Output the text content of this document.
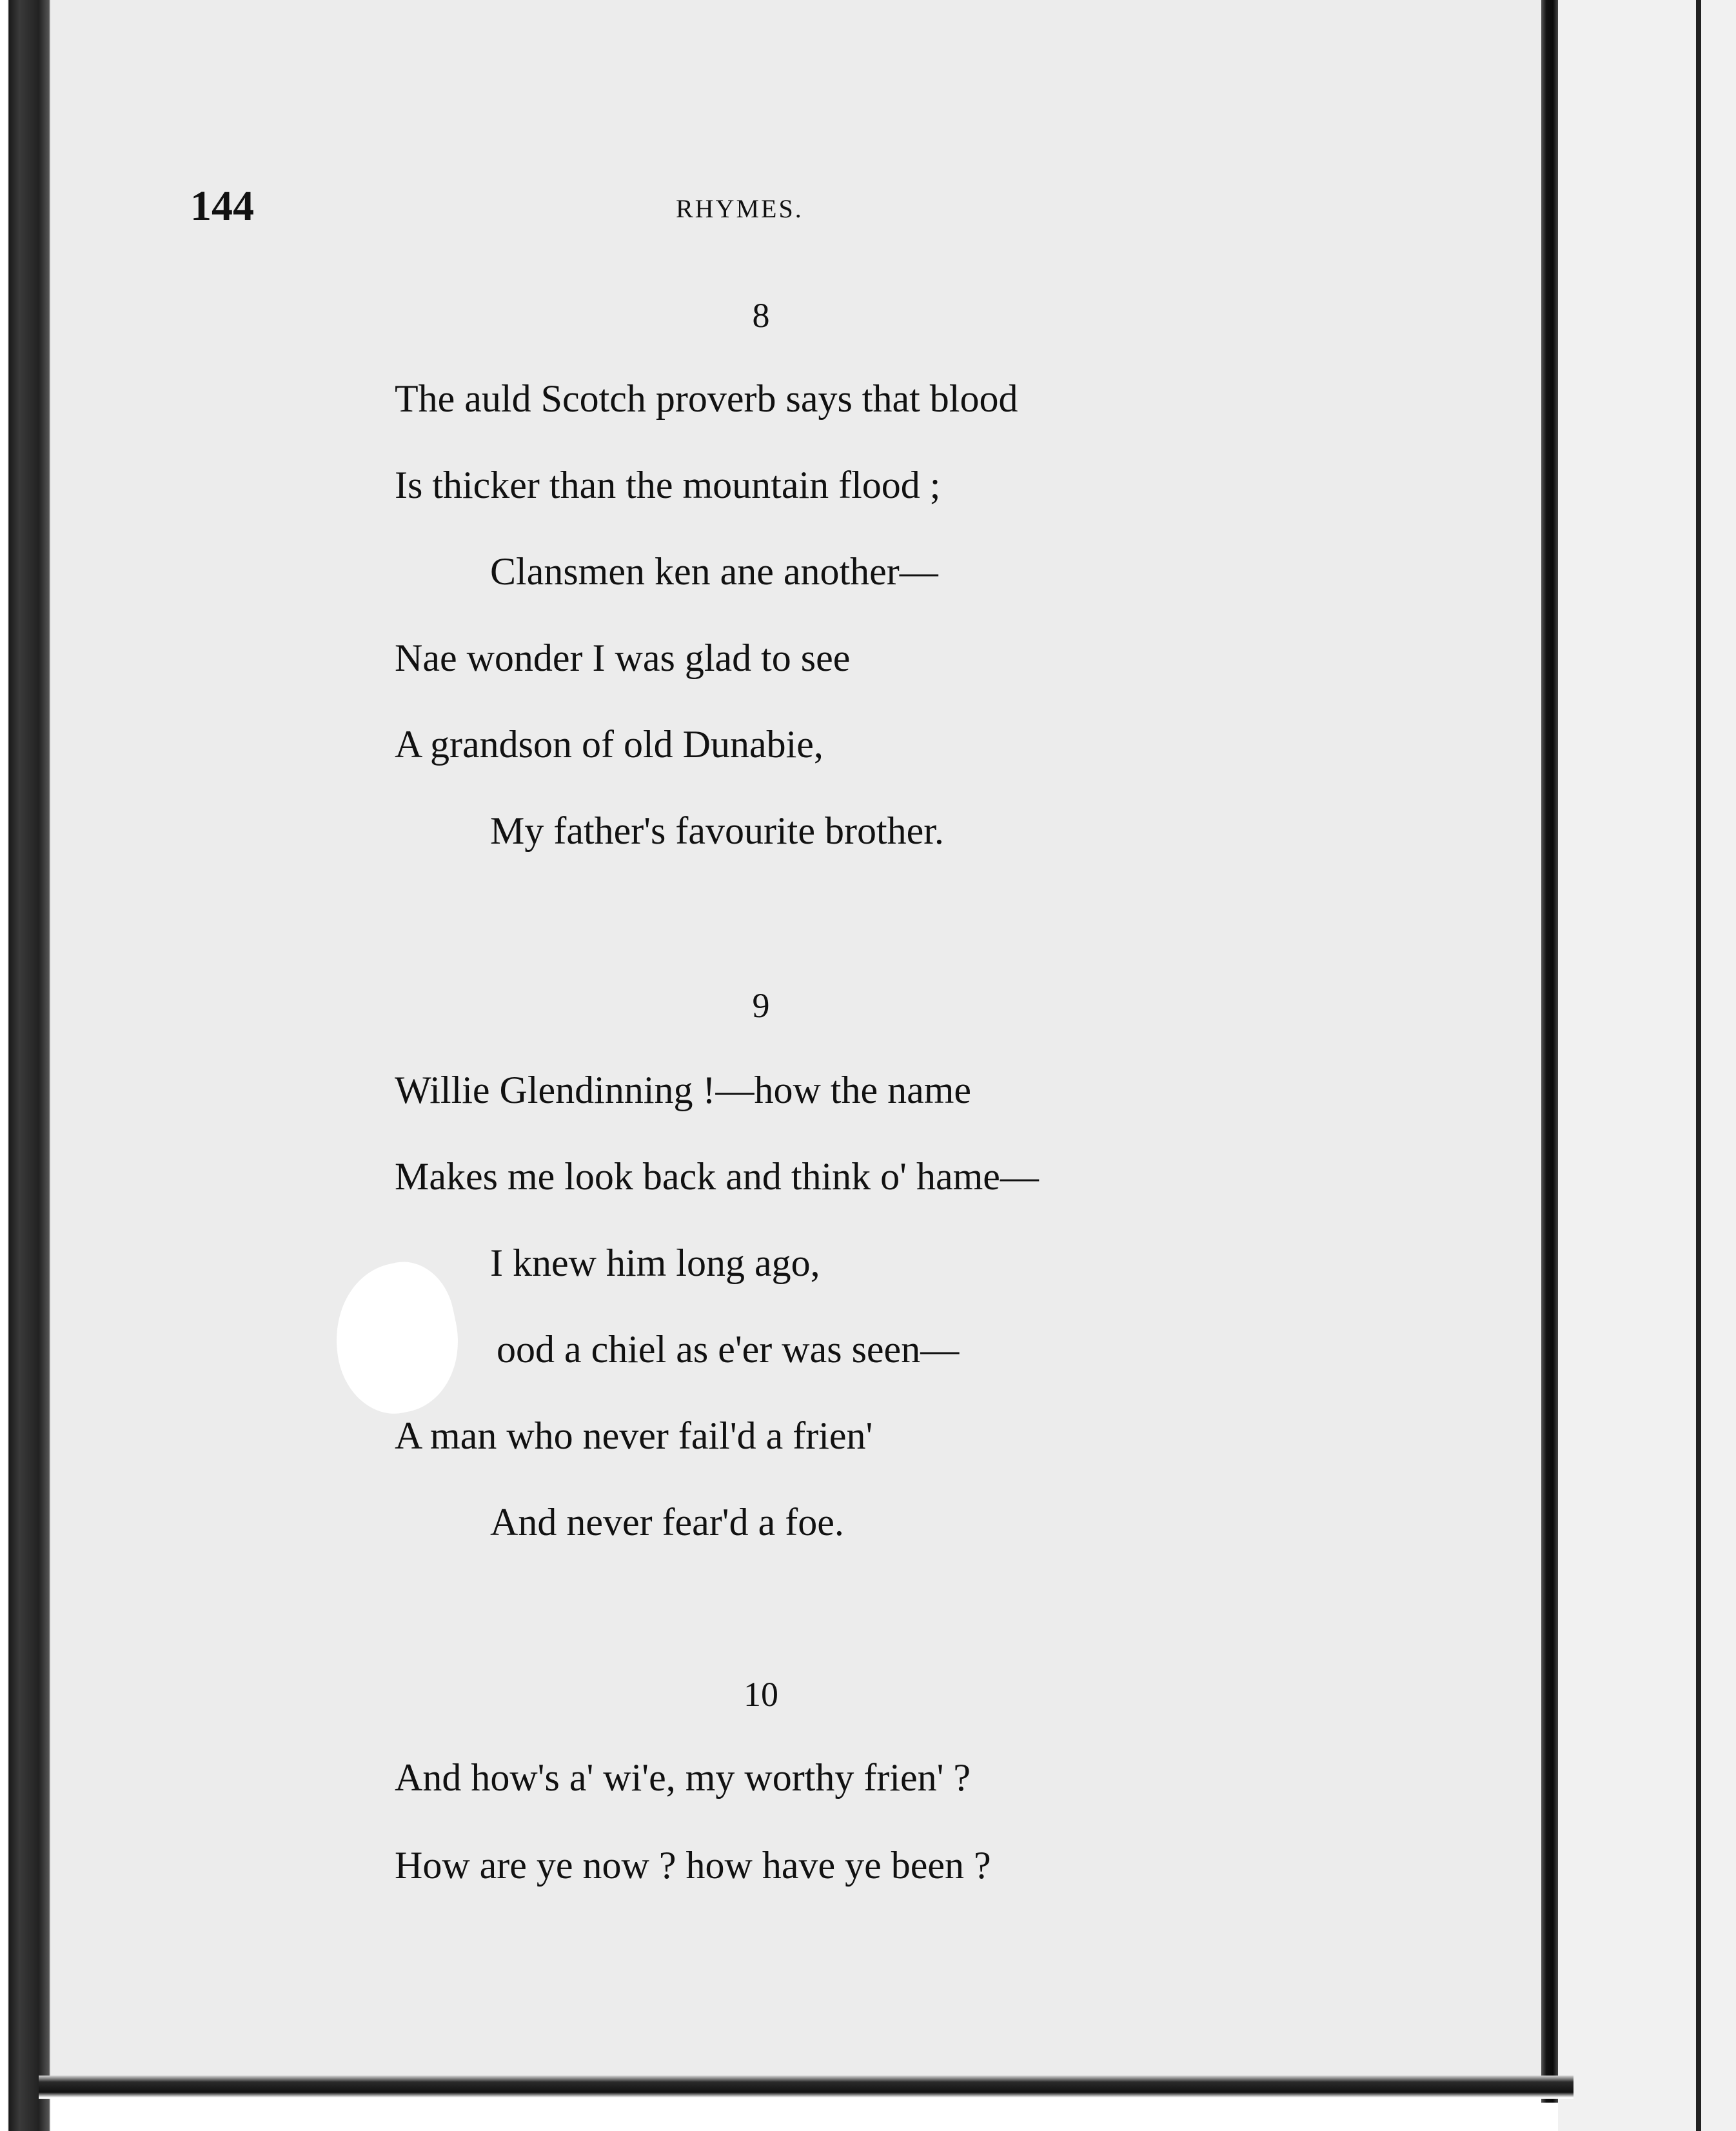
144	RHYMES.
8
The auld Scotch proverb says that blood
Is thicker than the mountain flood ;
Clansmen ken ane another—
Nae wonder I was glad to see
A grandson of old Dunabie,
My father's favourite brother.
9
Willie Glendinning !—how the name
Makes me look back and think o' hame—
I knew him long ago,
ood a chiel as e'er was seen—
A man who never fail'd a frien'
And never fear'd a foe.
10
And how's a' wi'e, my worthy frien' ?
How are ye now ? how have ye been ?
